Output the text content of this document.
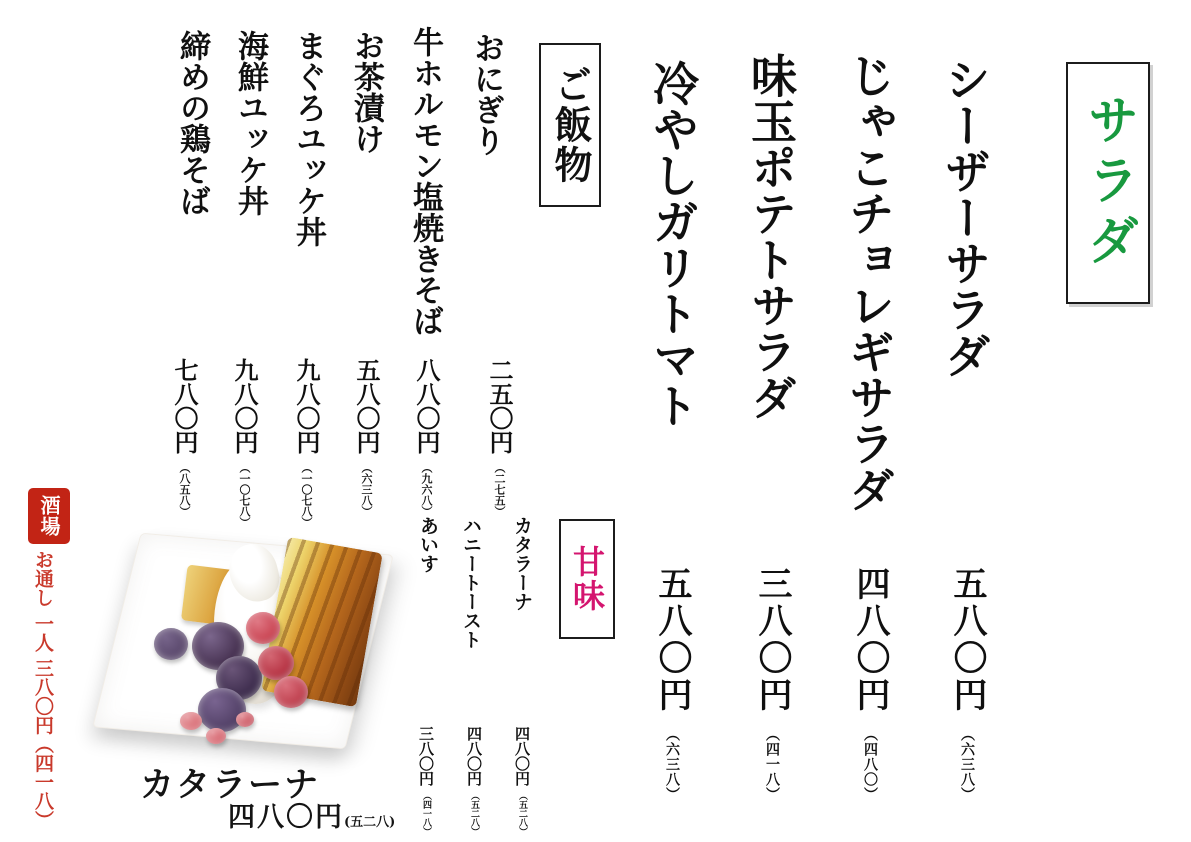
サラダ
シーザーサラダ
じゃこチョレギサラダ
味玉ポテトサラダ
冷やしガリトマト
五八〇円（六三八）
四八〇円（四八〇）
三八〇円（四一八）
五八〇円（六三八）
ご飯物
おにぎり
牛ホルモン塩焼きそば
お茶漬け
まぐろユッケ丼
海鮮ユッケ丼
締めの鶏そば
二五〇円（二七五）
八八〇円（九六八）
五八〇円（六三八）
九八〇円（一〇七八）
九八〇円（一〇七八）
七八〇円（八五八）
甘味
カタラーナ
ハニートースト
あいす
四八〇円（五二八）
四八〇円（五二八）
三八〇円（四一八）
酒場
お通し 一人 三八〇円（四一八）	カタラーナ
四八〇円(五二八)
